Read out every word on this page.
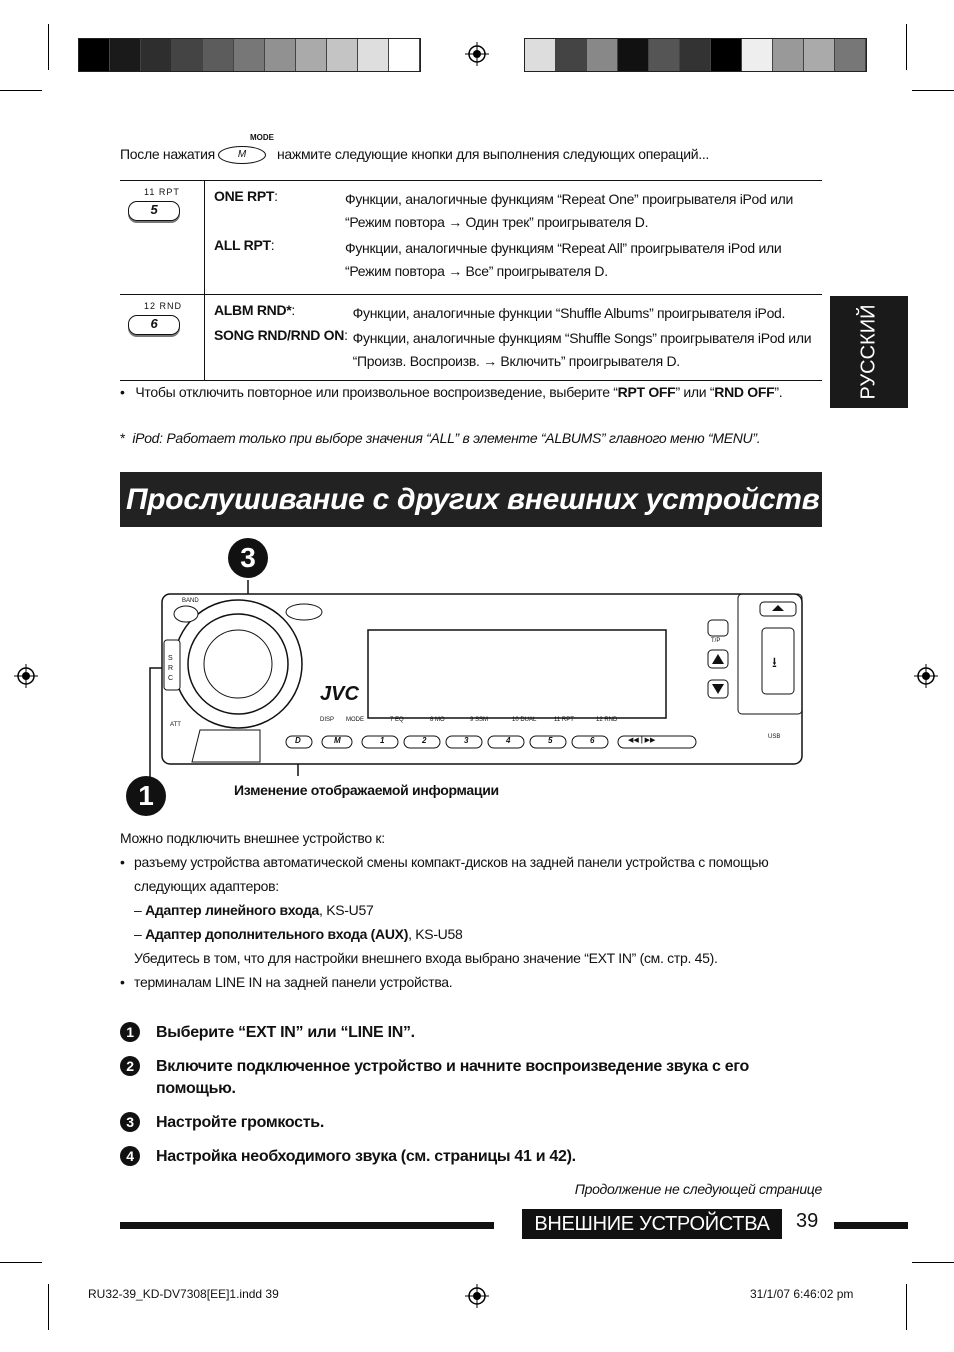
После нажатия
MODE
M	нажмите следующие кнопки для выполнения следующих операций...
11 RPT
5

ONE RPT:	Функции, аналогичные функциям “Repeat One” проигрывателя iPod или “Режим повтора → Один трек” проигрывателя D.
ALL RPT:	Функции, аналогичные функциям “Repeat All” проигрывателя iPod или “Режим повтора → Все” проигрывателя D.

12 RND
6

ALBM RND*:	Функции, аналогичные функции “Shuffle Albums” проигрывателя iPod.
SONG RND/RND ON:	Функции, аналогичные функциям “Shuffle Songs” проигрывателя iPod или “Произв. Воспроизв. → Включить” проигрывателя D.
• Чтобы отключить повторное или произвольное воспроизведение, выберите “RPT OFF” или “RND OFF”.
* iPod: Работает только при выборе значения “ALL” в элементе “ALBUMS” главного меню “MENU”.
РУССКИЙ
Прослушивание с других внешних устройств
3
1
JVC
BAND
S R C
ATT
T/P
USB
⭳
DISP	MODE	7 EQ	8 MO	9 SSM	10 DUAL	11 RPT	12 RND
D	M	1	2	3	4	5	6	◀◀ | ▶▶
Изменение отображаемой информации
Можно подключить внешнее устройство к:
• разъему устройства автоматической смены компакт-дисков на задней панели устройства с помощью следующих адаптеров:
– Адаптер линейного входа, KS-U57
– Адаптер дополнительного входа (AUX), KS-U58
Убедитесь в том, что для настройки внешнего входа выбрано значение “EXT IN” (см. стр. 45).
• терминалам LINE IN на задней панели устройства.
1	Выберите “EXT IN” или “LINE IN”.
2	Включите подключенное устройство и начните воспроизведение звука с его помощью.
3	Настройте громкость.
4	Настройка необходимого звука (см. страницы 41 и 42).
Продолжение не следующей странице
ВНЕШНИЕ УСТРОЙСТВА	39
RU32-39_KD-DV7308[EE]1.indd 39	31/1/07 6:46:02 pm
